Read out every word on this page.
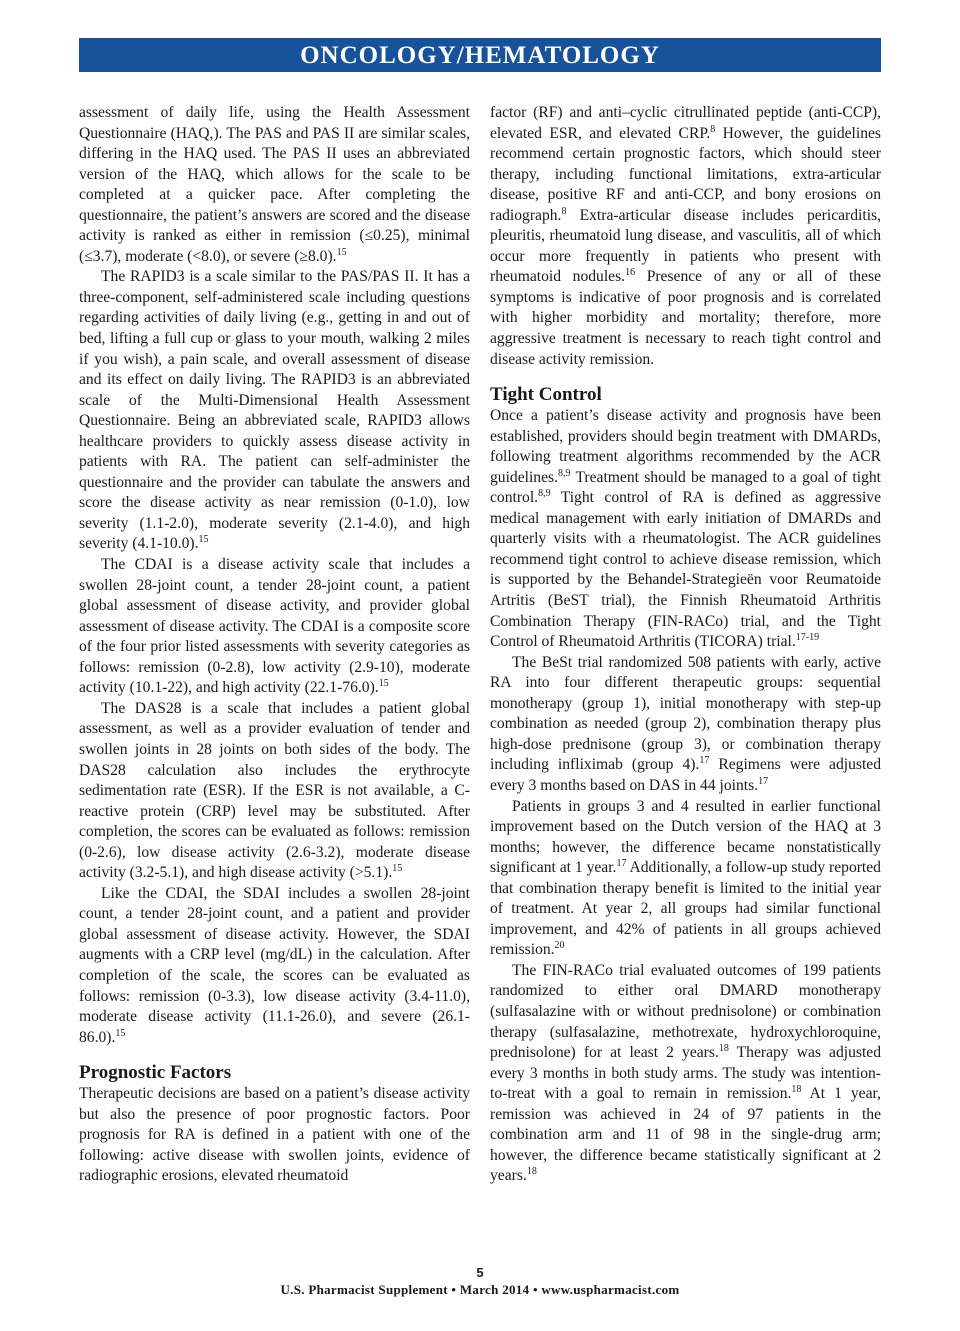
ONCOLOGY/HEMATOLOGY

assessment of daily life, using the Health Assessment Questionnaire (HAQ,). The PAS and PAS II are similar scales, differing in the HAQ used. The PAS II uses an abbreviated version of the HAQ, which allows for the scale to be completed at a quicker pace. After completing the questionnaire, the patient’s answers are scored and the disease activity is ranked as either in remission (≤0.25), minimal (≤3.7), moderate (<8.0), or severe (≥8.0).$^{15}$

The RAPID3 is a scale similar to the PAS/PAS II. It has a three-component, self-administered scale including questions regarding activities of daily living (e.g., getting in and out of bed, lifting a full cup or glass to your mouth, walking 2 miles if you wish), a pain scale, and overall assessment of disease and its effect on daily living. The RAPID3 is an abbreviated scale of the Multi-Dimensional Health Assessment Questionnaire. Being an abbreviated scale, RAPID3 allows healthcare providers to quickly assess disease activity in patients with RA. The patient can self-administer the questionnaire and the provider can tabulate the answers and score the disease activity as near remission (0-1.0), low severity (1.1-2.0), moderate severity (2.1-4.0), and high severity (4.1-10.0).$^{15}$

The CDAI is a disease activity scale that includes a swollen 28-joint count, a tender 28-joint count, a patient global assessment of disease activity, and provider global assessment of disease activity. The CDAI is a composite score of the four prior listed assessments with severity categories as follows: remission (0-2.8), low activity (2.9-10), moderate activity (10.1-22), and high activity (22.1-76.0).$^{15}$

The DAS28 is a scale that includes a patient global assessment, as well as a provider evaluation of tender and swollen joints in 28 joints on both sides of the body. The DAS28 calculation also includes the erythrocyte sedimentation rate (ESR). If the ESR is not available, a C-reactive protein (CRP) level may be substituted. After completion, the scores can be evaluated as follows: remission (0-2.6), low disease activity (2.6-3.2), moderate disease activity (3.2-5.1), and high disease activity (>5.1).$^{15}$

Like the CDAI, the SDAI includes a swollen 28-joint count, a tender 28-joint count, and a patient and provider global assessment of disease activity. However, the SDAI augments with a CRP level (mg/dL) in the calculation. After completion of the scale, the scores can be evaluated as follows: remission (0-3.3), low disease activity (3.4-11.0), moderate disease activity (11.1-26.0), and severe (26.1-86.0).$^{15}$

Prognostic Factors

Therapeutic decisions are based on a patient’s disease activity but also the presence of poor prognostic factors. Poor prognosis for RA is defined in a patient with one of the following: active disease with swollen joints, evidence of radiographic erosions, elevated rheumatoid

factor (RF) and anti–cyclic citrullinated peptide (anti-CCP), elevated ESR, and elevated CRP.$^8$ However, the guidelines recommend certain prognostic factors, which should steer therapy, including functional limitations, extra-articular disease, positive RF and anti-CCP, and bony erosions on radiograph.$^8$ Extra-articular disease includes pericarditis, pleuritis, rheumatoid lung disease, and vasculitis, all of which occur more frequently in patients who present with rheumatoid nodules.$^{16}$ Presence of any or all of these symptoms is indicative of poor prognosis and is correlated with higher morbidity and mortality; therefore, more aggressive treatment is necessary to reach tight control and disease activity remission.

Tight Control

Once a patient’s disease activity and prognosis have been established, providers should begin treatment with DMARDs, following treatment algorithms recommended by the ACR guidelines.$^{8,9}$ Treatment should be managed to a goal of tight control.$^{8,9}$ Tight control of RA is defined as aggressive medical management with early initiation of DMARDs and quarterly visits with a rheumatologist. The ACR guidelines recommend tight control to achieve disease remission, which is supported by the Behandel-Strategieën voor Reumatoide Artritis (BeST trial), the Finnish Rheumatoid Arthritis Combination Therapy (FIN-RACo) trial, and the Tight Control of Rheumatoid Arthritis (TICORA) trial.$^{17-19}$

The BeSt trial randomized 508 patients with early, active RA into four different therapeutic groups: sequential monotherapy (group 1), initial monotherapy with step-up combination as needed (group 2), combination therapy plus high-dose prednisone (group 3), or combination therapy including infliximab (group 4).$^{17}$ Regimens were adjusted every 3 months based on DAS in 44 joints.$^{17}$

Patients in groups 3 and 4 resulted in earlier functional improvement based on the Dutch version of the HAQ at 3 months; however, the difference became nonstatistically significant at 1 year.$^{17}$ Additionally, a follow-up study reported that combination therapy benefit is limited to the initial year of treatment. At year 2, all groups had similar functional improvement, and 42% of patients in all groups achieved remission.$^{20}$

The FIN-RACo trial evaluated outcomes of 199 patients randomized to either oral DMARD monotherapy (sulfasalazine with or without prednisolone) or combination therapy (sulfasalazine, methotrexate, hydroxychloroquine, prednisolone) for at least 2 years.$^{18}$ Therapy was adjusted every 3 months in both study arms. The study was intention-to-treat with a goal to remain in remission.$^{18}$ At 1 year, remission was achieved in 24 of 97 patients in the combination arm and 11 of 98 in the single-drug arm; however, the difference became statistically significant at 2 years.$^{18}$

5
U.S. Pharmacist Supplement • March 2014 • www.uspharmacist.com
